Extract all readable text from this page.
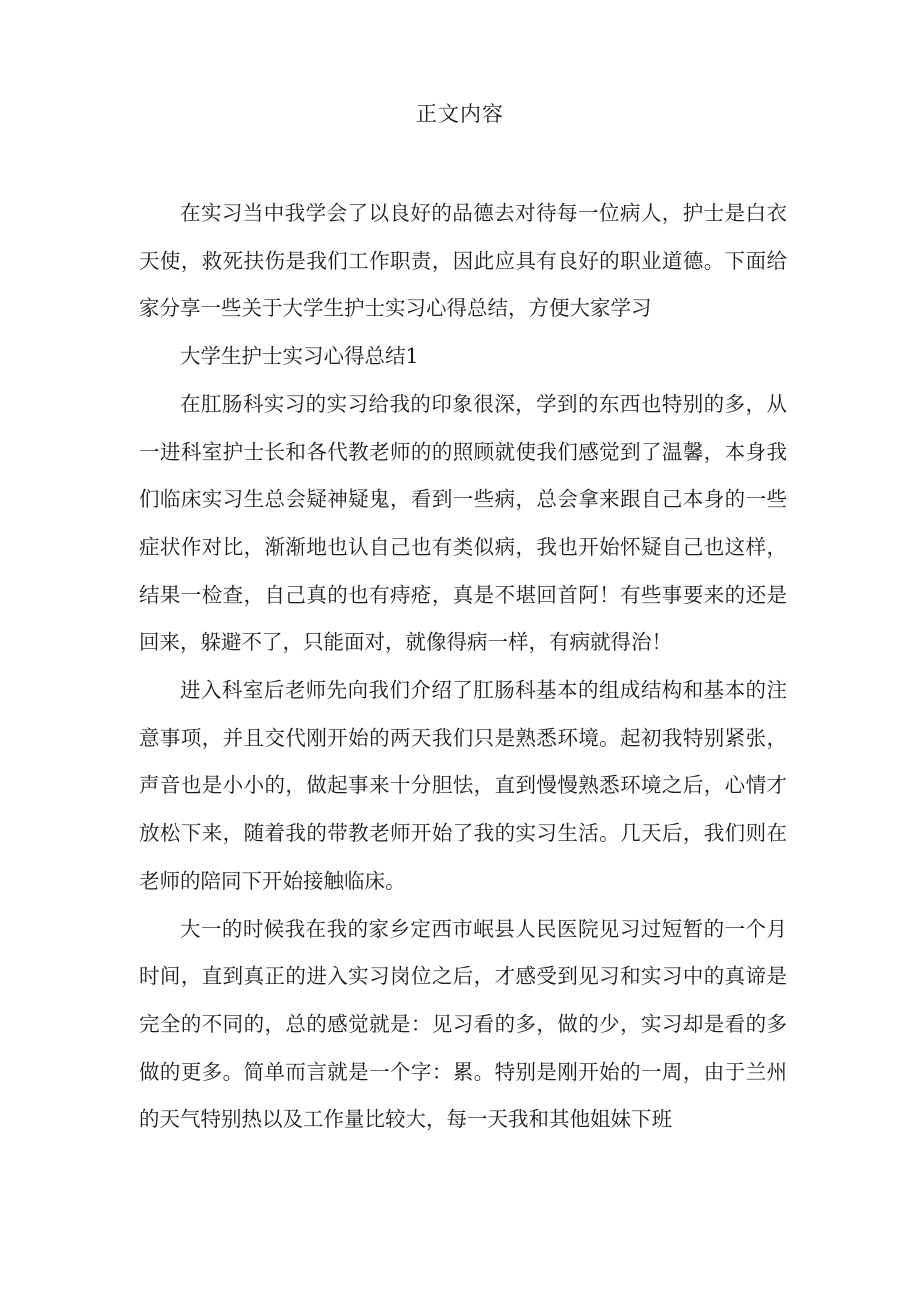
正文内容

在实习当中我学会了以良好的品德去对待每一位病人，护士是白衣天使，救死扶伤是我们工作职责，因此应具有良好的职业道德。下面给家分享一些关于大学生护士实习心得总结，方便大家学习

大学生护士实习心得总结1

在肛肠科实习的实习给我的印象很深，学到的东西也特别的多，从一进科室护士长和各代教老师的的照顾就使我们感觉到了温馨，本身我们临床实习生总会疑神疑鬼，看到一些病，总会拿来跟自己本身的一些症状作对比，渐渐地也认自己也有类似病，我也开始怀疑自己也这样，结果一检查，自己真的也有痔疮，真是不堪回首阿！有些事要来的还是回来，躲避不了，只能面对，就像得病一样，有病就得治！

进入科室后老师先向我们介绍了肛肠科基本的组成结构和基本的注意事项，并且交代刚开始的两天我们只是熟悉环境。起初我特别紧张，声音也是小小的，做起事来十分胆怯，直到慢慢熟悉环境之后，心情才放松下来，随着我的带教老师开始了我的实习生活。几天后，我们则在老师的陪同下开始接触临床。

大一的时候我在我的家乡定西市岷县人民医院见习过短暂的一个月时间，直到真正的进入实习岗位之后，才感受到见习和实习中的真谛是完全的不同的，总的感觉就是：见习看的多，做的少，实习却是看的多做的更多。简单而言就是一个字：累。特别是刚开始的一周，由于兰州的天气特别热以及工作量比较大，每一天我和其他姐妹下班
